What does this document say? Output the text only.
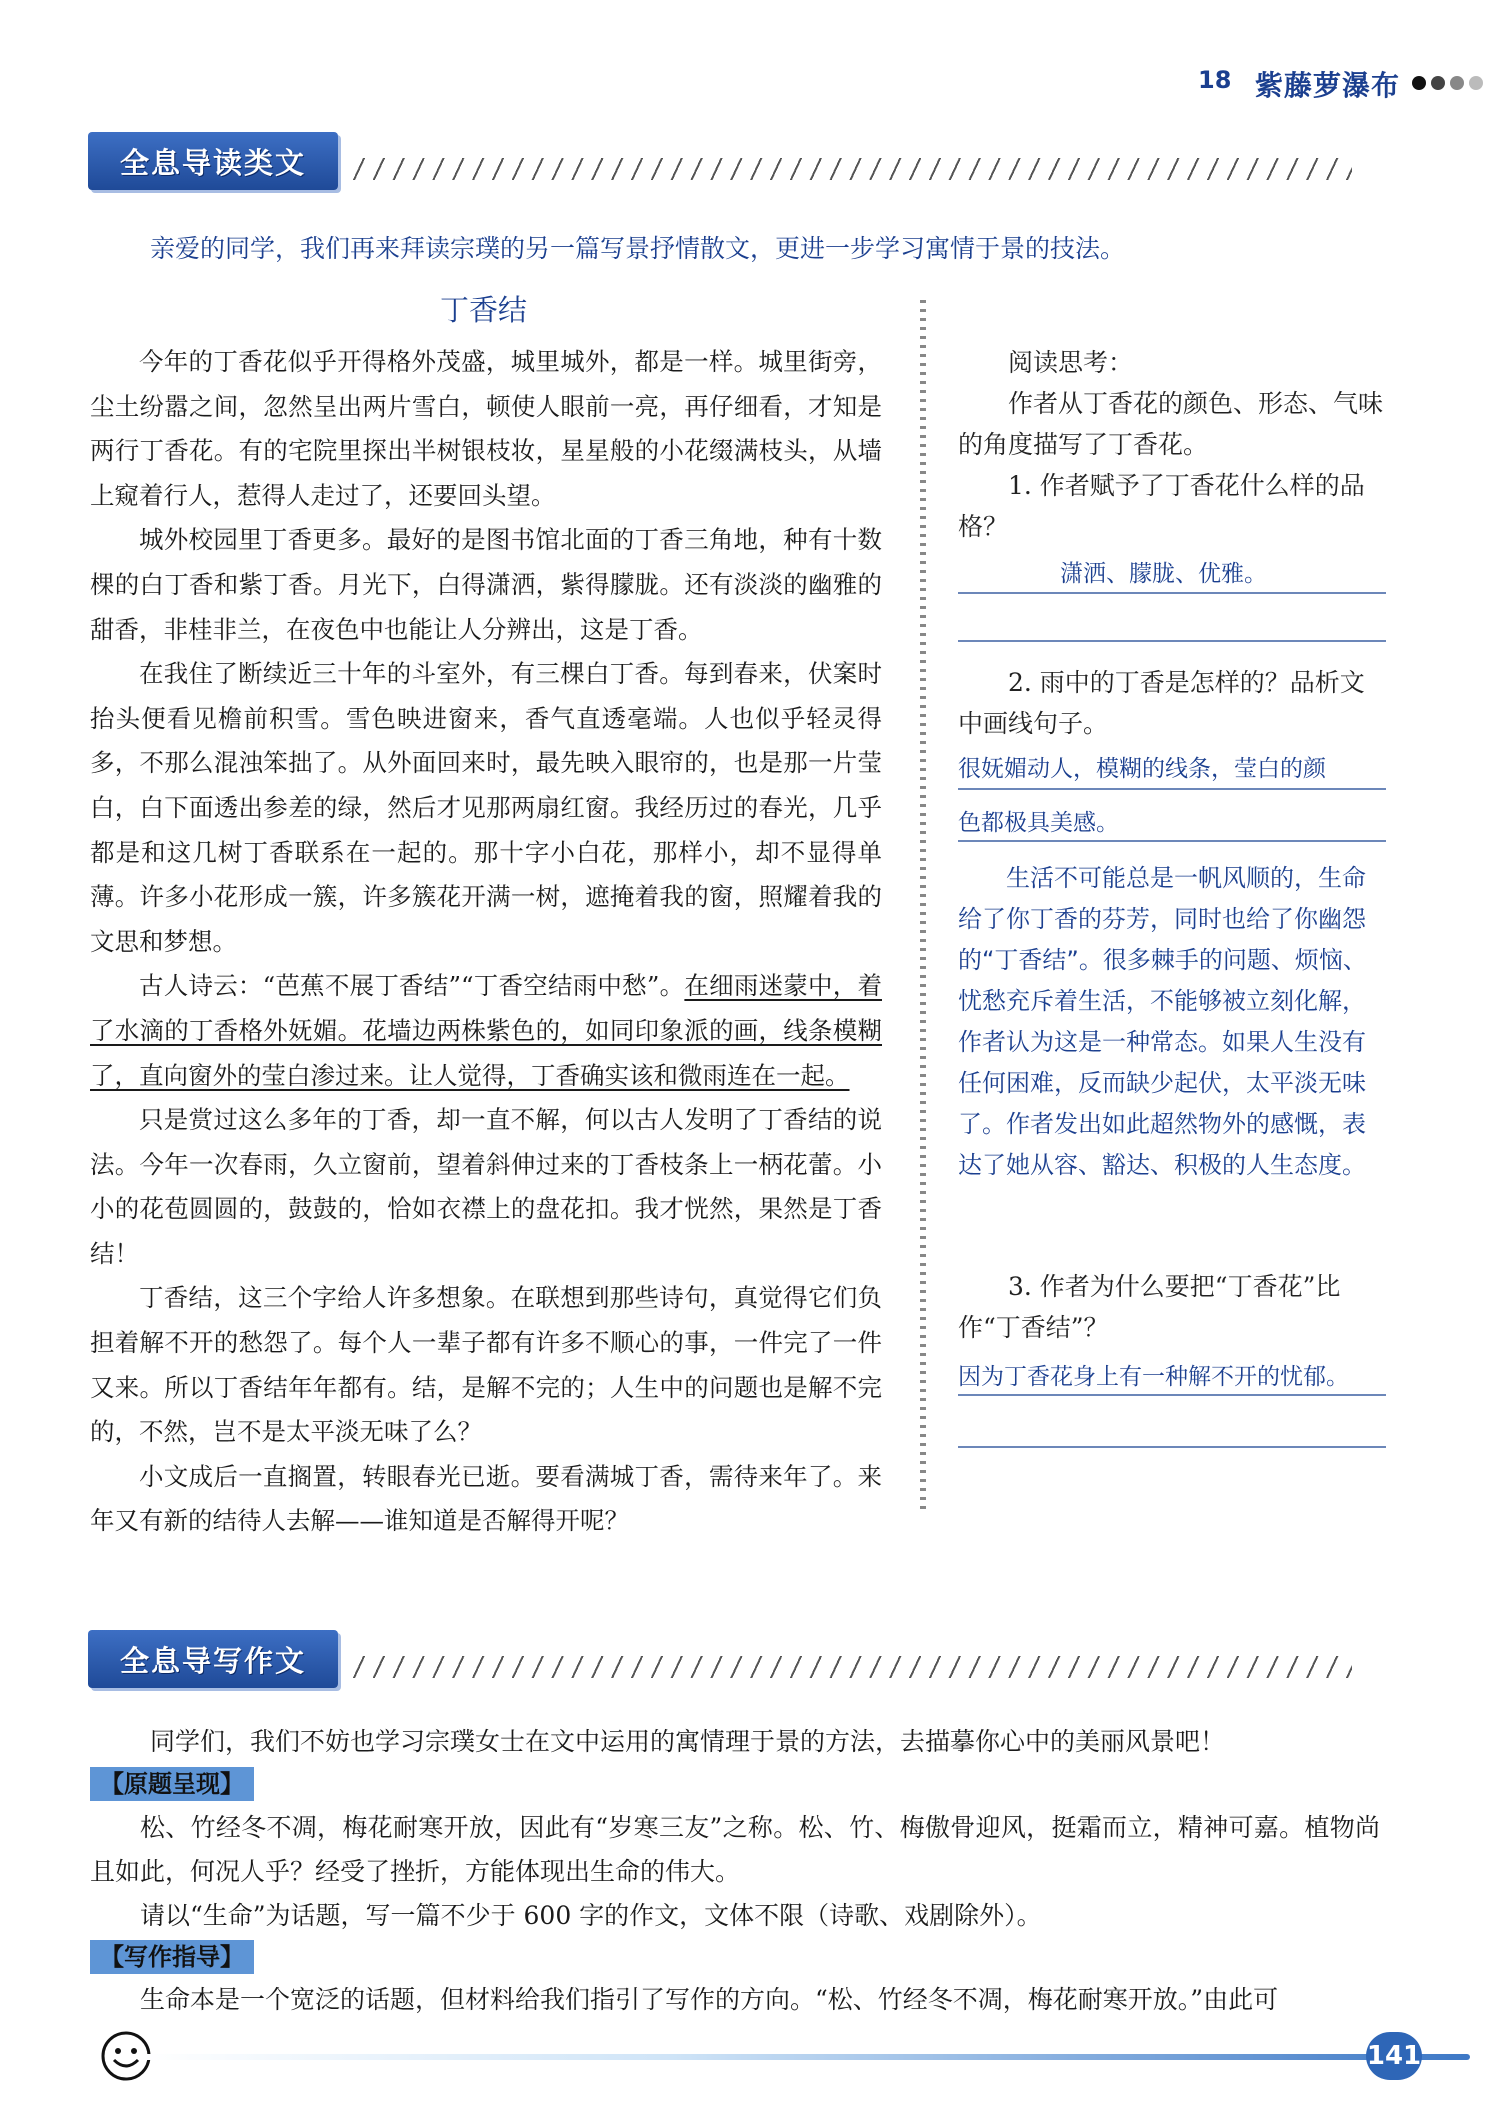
18 紫藤萝瀑布
全息导读类文
亲爱的同学，我们再来拜读宗璞的另一篇写景抒情散文，更进一步学习寓情于景的技法。
丁香结

今年的丁香花似乎开得格外茂盛，城里城外，都是一样。城里街旁，尘土纷嚣之间，忽然呈出两片雪白，顿使人眼前一亮，再仔细看，才知是两行丁香花。有的宅院里探出半树银枝妆，星星般的小花缀满枝头，从墙上窥着行人，惹得人走过了，还要回头望。

城外校园里丁香更多。最好的是图书馆北面的丁香三角地，种有十数棵的白丁香和紫丁香。月光下，白得潇洒，紫得朦胧。还有淡淡的幽雅的甜香，非桂非兰，在夜色中也能让人分辨出，这是丁香。

在我住了断续近三十年的斗室外，有三棵白丁香。每到春来，伏案时抬头便看见檐前积雪。雪色映进窗来，香气直透毫端。人也似乎轻灵得多，不那么混浊笨拙了。从外面回来时，最先映入眼帘的，也是那一片莹白，白下面透出参差的绿，然后才见那两扇红窗。我经历过的春光，几乎都是和这几树丁香联系在一起的。那十字小白花，那样小，却不显得单薄。许多小花形成一簇，许多簇花开满一树，遮掩着我的窗，照耀着我的文思和梦想。

古人诗云：“芭蕉不展丁香结”“丁香空结雨中愁”。在细雨迷蒙中，着了水滴的丁香格外妩媚。花墙边两株紫色的，如同印象派的画，线条模糊了，直向窗外的莹白渗过来。让人觉得，丁香确实该和微雨连在一起。

只是赏过这么多年的丁香，却一直不解，何以古人发明了丁香结的说法。今年一次春雨，久立窗前，望着斜伸过来的丁香枝条上一柄花蕾。小小的花苞圆圆的，鼓鼓的，恰如衣襟上的盘花扣。我才恍然，果然是丁香结！

丁香结，这三个字给人许多想象。在联想到那些诗句，真觉得它们负担着解不开的愁怨了。每个人一辈子都有许多不顺心的事，一件完了一件又来。所以丁香结年年都有。结，是解不完的；人生中的问题也是解不完的，不然，岂不是太平淡无味了么？

小文成后一直搁置，转眼春光已逝。要看满城丁香，需待来年了。来年又有新的结待人去解——谁知道是否解得开呢？

阅读思考：

作者从丁香花的颜色、形态、气味的角度描写了丁香花。

1. 作者赋予了丁香花什么样的品格？

潇洒、朦胧、优雅。

2. 雨中的丁香是怎样的？品析文中画线句子。

很妩媚动人，模糊的线条，莹白的颜
色都极具美感。

生活不可能总是一帆风顺的，生命给了你丁香的芬芳，同时也给了你幽怨的“丁香结”。很多棘手的问题、烦恼、忧愁充斥着生活，不能够被立刻化解，作者认为这是一种常态。如果人生没有任何困难，反而缺少起伏，太平淡无味了。作者发出如此超然物外的感慨，表达了她从容、豁达、积极的人生态度。

3. 作者为什么要把“丁香花”比作“丁香结”？

因为丁香花身上有一种解不开的忧郁。
全息导写作文
同学们，我们不妨也学习宗璞女士在文中运用的寓情理于景的方法，去描摹你心中的美丽风景吧！
【原题呈现】

松、竹经冬不凋，梅花耐寒开放，因此有“岁寒三友”之称。松、竹、梅傲骨迎风，挺霜而立，精神可嘉。植物尚且如此，何况人乎？经受了挫折，方能体现出生命的伟大。

请以“生命”为话题，写一篇不少于 600 字的作文，文体不限（诗歌、戏剧除外）。

【写作指导】

生命本是一个宽泛的话题，但材料给我们指引了写作的方向。“松、竹经冬不凋，梅花耐寒开放。”由此可

141
